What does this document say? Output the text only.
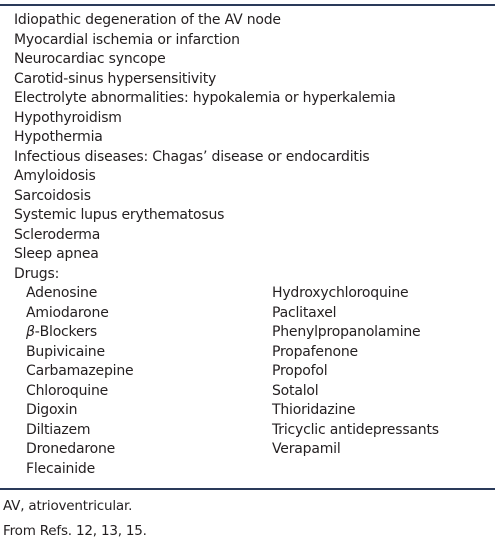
Idiopathic degeneration of the AV node
Myocardial ischemia or infarction
Neurocardiac syncope
Carotid-sinus hypersensitivity
Electrolyte abnormalities: hypokalemia or hyperkalemia
Hypothyroidism
Hypothermia
Infectious diseases: Chagas’ disease or endocarditis
Amyloidosis
Sarcoidosis
Systemic lupus erythematosus
Scleroderma
Sleep apnea
Drugs:
Adenosine
Amiodarone
β-Blockers
Bupivicaine
Carbamazepine
Chloroquine
Digoxin
Diltiazem
Dronedarone
Flecainide
Hydroxychloroquine
Paclitaxel
Phenylpropanolamine
Propafenone
Propofol
Sotalol
Thioridazine
Tricyclic antidepressants
Verapamil
AV, atrioventricular.
From Refs. 12, 13, 15.
